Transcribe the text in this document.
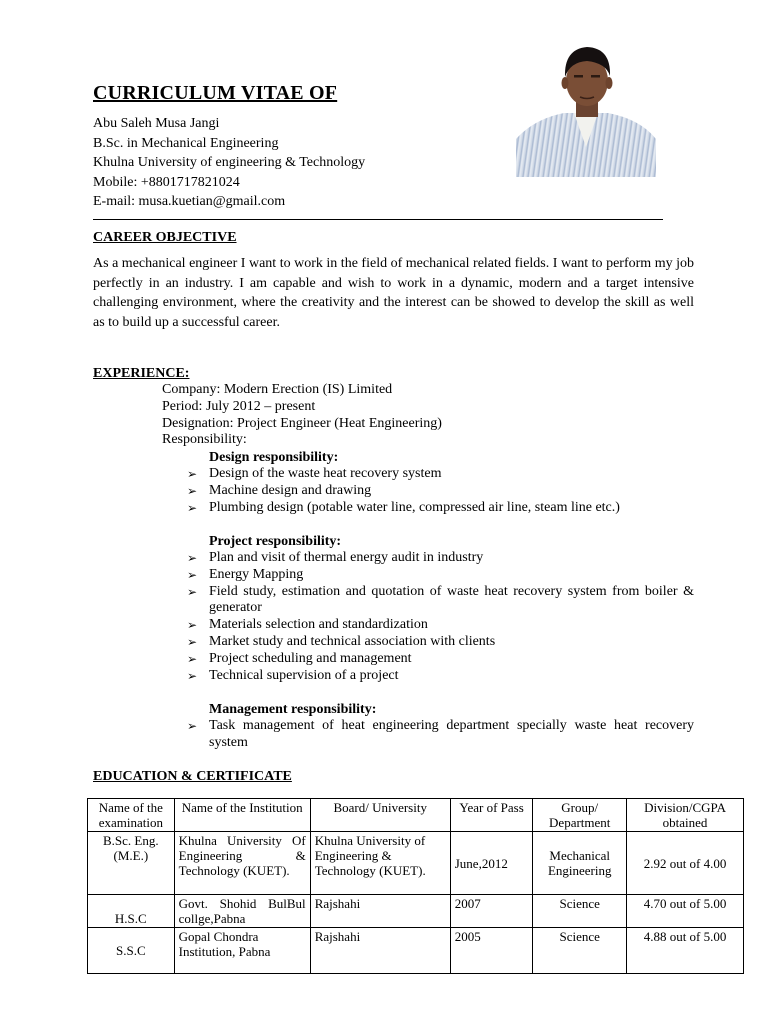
CURRICULUM VITAE OF
Abu Saleh Musa Jangi
B.Sc. in Mechanical Engineering
Khulna University of engineering & Technology
Mobile: +8801717821024
E-mail: musa.kuetian@gmail.com
CAREER OBJECTIVE

As a mechanical engineer I want to work in the field of mechanical related fields. I want to perform my job perfectly in an industry. I am capable and wish to work in a dynamic, modern and a target intensive challenging environment, where the creativity and the interest can be showed to develop the skill as well as to build up a successful career.

EXPERIENCE:
Company: Modern Erection (IS) Limited
Period: July 2012 – present
Designation: Project Engineer (Heat Engineering)
Responsibility:
Design responsibility:
➢ Design of the waste heat recovery system
➢ Machine design and drawing
➢ Plumbing design (potable water line, compressed air line, steam line etc.)
Project responsibility:
➢ Plan and visit of thermal energy audit in industry
➢ Energy Mapping
➢ Field study, estimation and quotation of waste heat recovery system from boiler & generator
➢ Materials selection and standardization
➢ Market study and technical association with clients
➢ Project scheduling and management
➢ Technical supervision of a project
Management responsibility:
➢ Task management of heat engineering department specially waste heat recovery system
EDUCATION & CERTIFICATE
Name of the examination	Name of the Institution	Board/ University	Year of Pass	Group/ Department	Division/CGPA obtained
B.Sc. Eng. (M.E.)	Khulna University Of Engineering & Technology (KUET).	Khulna University of Engineering & Technology (KUET).	June,2012	Mechanical Engineering	2.92 out of 4.00
H.S.C	Govt. Shohid BulBul collge,Pabna	Rajshahi	2007	Science	4.70 out of 5.00
S.S.C	Gopal Chondra Institution, Pabna	Rajshahi	2005	Science	4.88 out of 5.00
